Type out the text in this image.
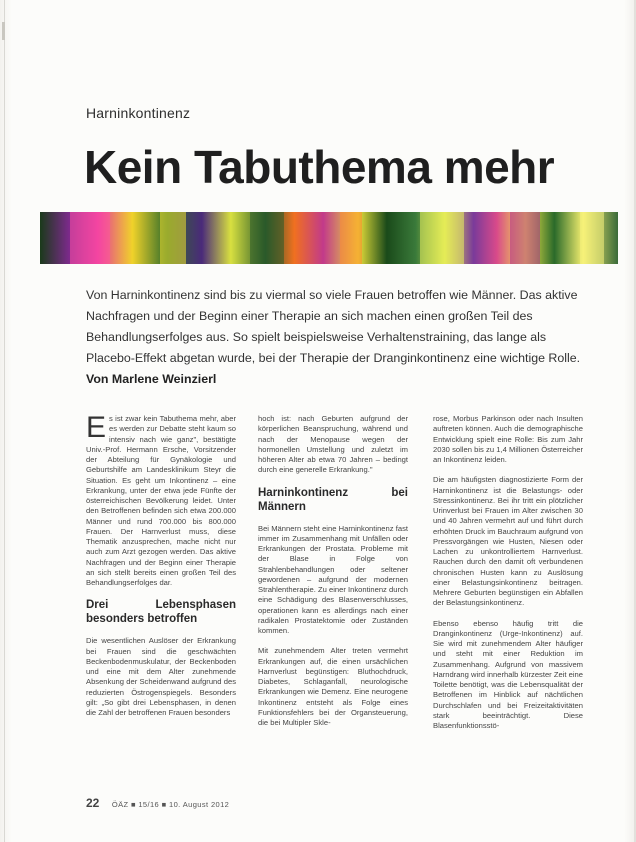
Harninkontinenz
Kein Tabuthema mehr
Von Harninkontinenz sind bis zu viermal so viele Frauen betroffen wie Männer. Das aktive Nachfragen und der Beginn einer Therapie an sich machen einen großen Teil des Behandlungserfolges aus. So spielt beispielsweise Verhaltenstraining, das lange als Placebo-Effekt abgetan wurde, bei der Therapie der Dranginkontinenz eine wichtige Rolle. Von Marlene Weinzierl

Es ist zwar kein Tabuthema mehr, aber es werden zur Debatte steht kaum so intensiv nach wie ganz", bestätigte Univ.-Prof. Hermann Ersche, Vorsitzender der Abteilung für Gynäkologie und Geburtshilfe am Landesklinikum Steyr die Situation. Es geht um Inkontinenz – eine Erkrankung, unter der etwa jede Fünfte der österreichischen Bevölkerung leidet. Unter den Betroffenen befinden sich etwa 200.000 Männer und rund 700.000 bis 800.000 Frauen. Der Harnverlust muss, diese Thematik anzusprechen, mache nicht nur auch zum Arzt gezogen werden. Das aktive Nachfragen und der Beginn einer Therapie an sich stellt bereits einen großen Teil des Behandlungserfolges dar.

Drei Lebensphasen besonders betroffen

Die wesentlichen Auslöser der Erkrankung bei Frauen sind die geschwächten Beckenbodenmuskulatur, der Beckenboden und eine mit dem Alter zunehmende Absenkung der Scheidenwand aufgrund des reduzierten Östrogenspiegels. Besonders gilt: „So gibt drei Lebensphasen, in denen die Zahl der betroffenen Frauen besonders

hoch ist: nach Geburten aufgrund der körperlichen Beanspruchung, während und nach der Menopause wegen der hormonellen Umstellung und zuletzt im höheren Alter ab etwa 70 Jahren – bedingt durch eine generelle Erkrankung."

Harninkontinenz bei Männern

Bei Männern steht eine Harninkontinenz fast immer im Zusammenhang mit Unfällen oder Erkrankungen der Prostata. Probleme mit der Blase in Folge von Strahlenbehandlungen oder seltener gewordenen – aufgrund der modernen Strahlentherapie. Zu einer Inkontinenz durch eine Schädigung des Blasenverschlusses, operationen kann es allerdings nach einer radikalen Prostatektomie oder Zuständen kommen.

Mit zunehmendem Alter treten vermehrt Erkrankungen auf, die einen ursächlichen Harnverlust begünstigen: Bluthochdruck, Diabetes, Schlaganfall, neurologische Erkrankungen wie Demenz. Eine neurogene Inkontinenz entsteht als Folge eines Funktionsfehlers bei der Organsteuerung, die bei Multipler Skle-

rose, Morbus Parkinson oder nach Insulten auftreten können. Auch die demographische Entwicklung spielt eine Rolle: Bis zum Jahr 2030 sollen bis zu 1,4 Millionen Österreicher an Inkontinenz leiden.

Die am häufigsten diagnostizierte Form der Harninkontinenz ist die Belastungs- oder Stressinkontinenz. Bei ihr tritt ein plötzlicher Urinverlust bei Frauen im Alter zwischen 30 und 40 Jahren vermehrt auf und führt durch erhöhten Druck im Bauchraum aufgrund von Pressvorgängen wie Husten, Niesen oder Lachen zu unkontrolliertem Harnverlust. Rauchen durch den damit oft verbundenen chronischen Husten kann zu Auslösung einer Belastungsinkontinenz beitragen. Mehrere Geburten begünstigen ein Abfallen der Belastungsinkontinenz.

Ebenso ebenso häufig tritt die Dranginkontinenz (Urge-Inkontinenz) auf. Sie wird mit zunehmendem Alter häufiger und steht mit einer Reduktion im Zusammenhang. Aufgrund von massivem Harndrang wird innerhalb kürzester Zeit eine Toilette benötigt, was die Lebensqualität der Betroffenen im Hinblick auf nächtlichen Durchschlafen und bei Freizeitaktivitäten stark beeinträchtigt. Diese Blasenfunktionsstö-

22 ÖÄZ ■ 15/16 ■ 10. August 2012
